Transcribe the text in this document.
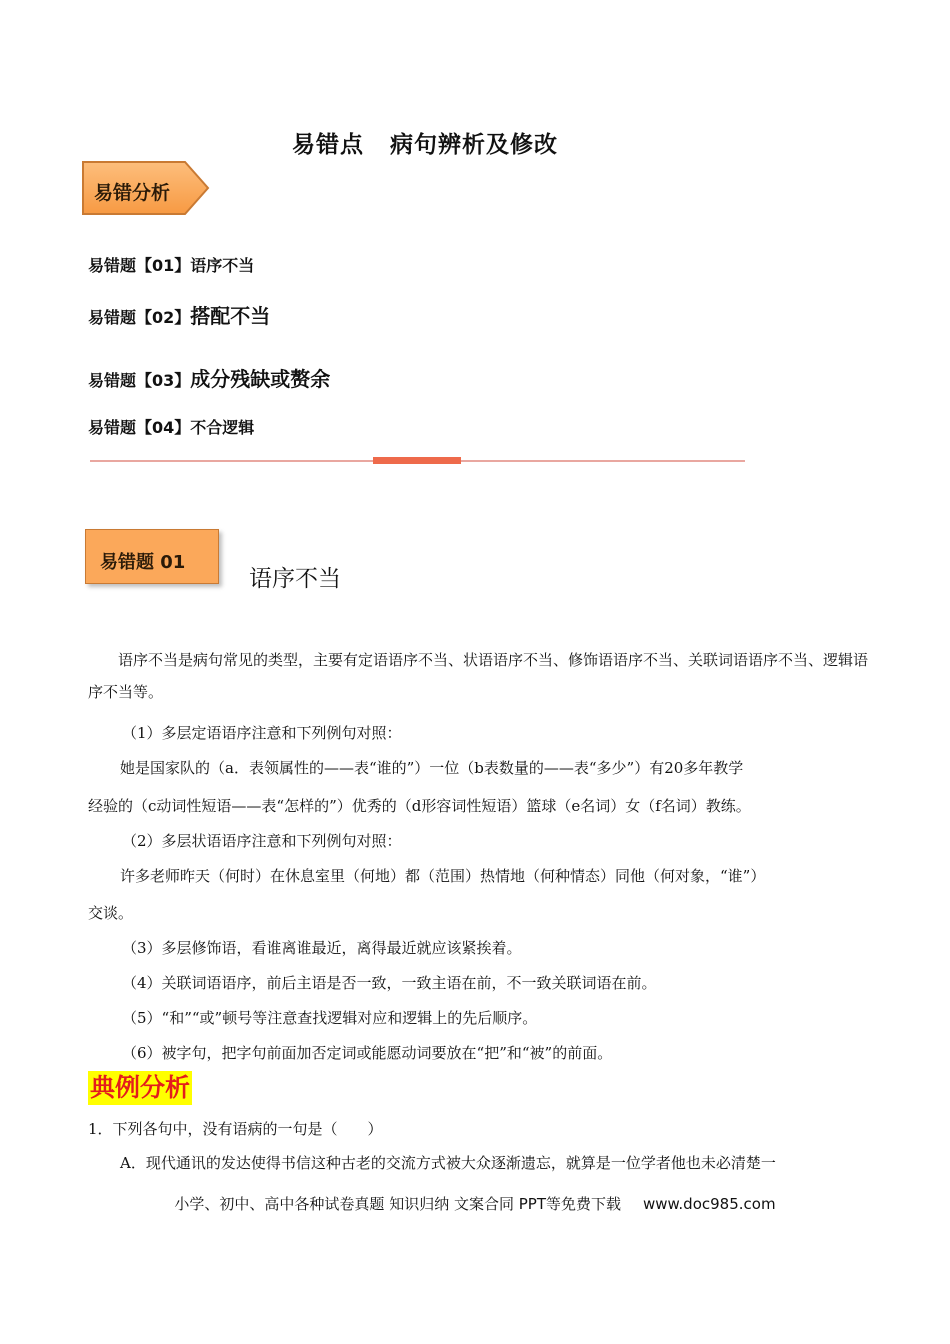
易错点 病句辨析及修改
易错分析
易错题【01】语序不当
易错题【02】搭配不当
易错题【03】成分残缺或赘余
易错题【04】不合逻辑
易错题 01
语序不当
语序不当是病句常见的类型，主要有定语语序不当、状语语序不当、修饰语语序不当、关联词语语序不当、逻辑语序不当等。
（1）多层定语语序注意和下列例句对照：
她是国家队的（a．表领属性的——表“谁的”）一位（b表数量的——表“多少”）有20多年教学
经验的（c动词性短语——表“怎样的”）优秀的（d形容词性短语）篮球（e名词）女（f名词）教练。
（2）多层状语语序注意和下列例句对照：
许多老师昨天（何时）在休息室里（何地）都（范围）热情地（何种情态）同他（何对象，“谁”）
交谈。
（3）多层修饰语，看谁离谁最近，离得最近就应该紧挨着。
（4）关联词语语序，前后主语是否一致，一致主语在前，不一致关联词语在前。
（5）“和”“或”顿号等注意查找逻辑对应和逻辑上的先后顺序。
（6）被字句，把字句前面加否定词或能愿动词要放在“把”和“被”的前面。
典例分析
1．下列各句中，没有语病的一句是（　　）
A．现代通讯的发达使得书信这种古老的交流方式被大众逐渐遗忘，就算是一位学者他也未必清楚一
小学、初中、高中各种试卷真题 知识归纳 文案合同 PPT等免费下载 www.doc985.com
